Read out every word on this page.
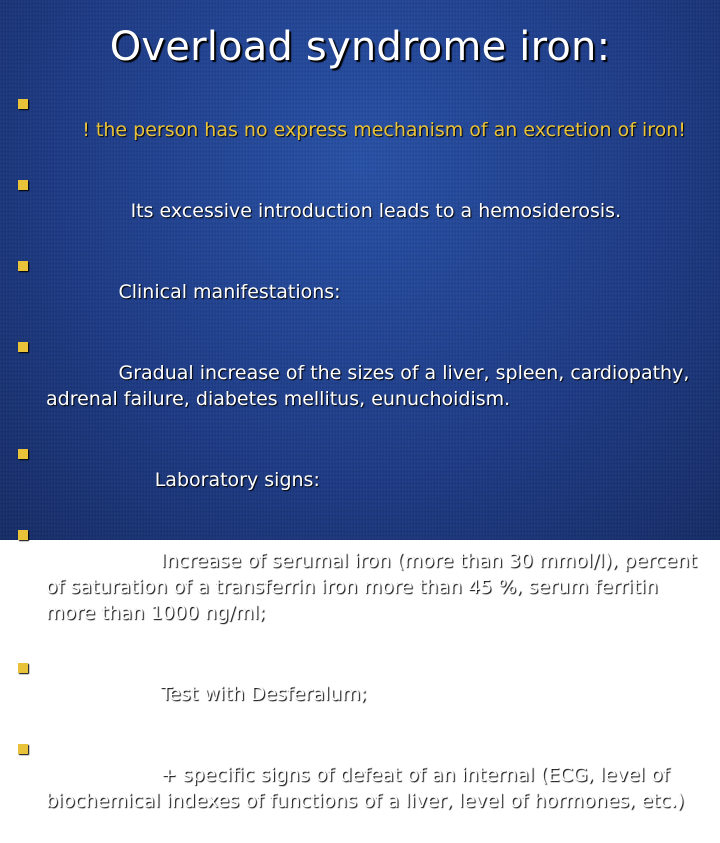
Overload syndrome iron:

! the person has no express mechanism of an excretion of iron!

Its excessive introduction leads to a hemosiderosis.

Clinical manifestations:

Gradual increase of the sizes of a liver, spleen, cardiopathy, adrenal failure, diabetes mellitus, eunuchoidism.

Laboratory signs:

Increase of serumal iron (more than 30 mmol/l), percent of saturation of a transferrin iron more than 45 %, serum ferritin more than 1000 ng/ml;

Test with Desferalum;

+ specific signs of defeat of an internal (ECG, level of biochemical indexes of functions of a liver, level of hormones, etc.)
